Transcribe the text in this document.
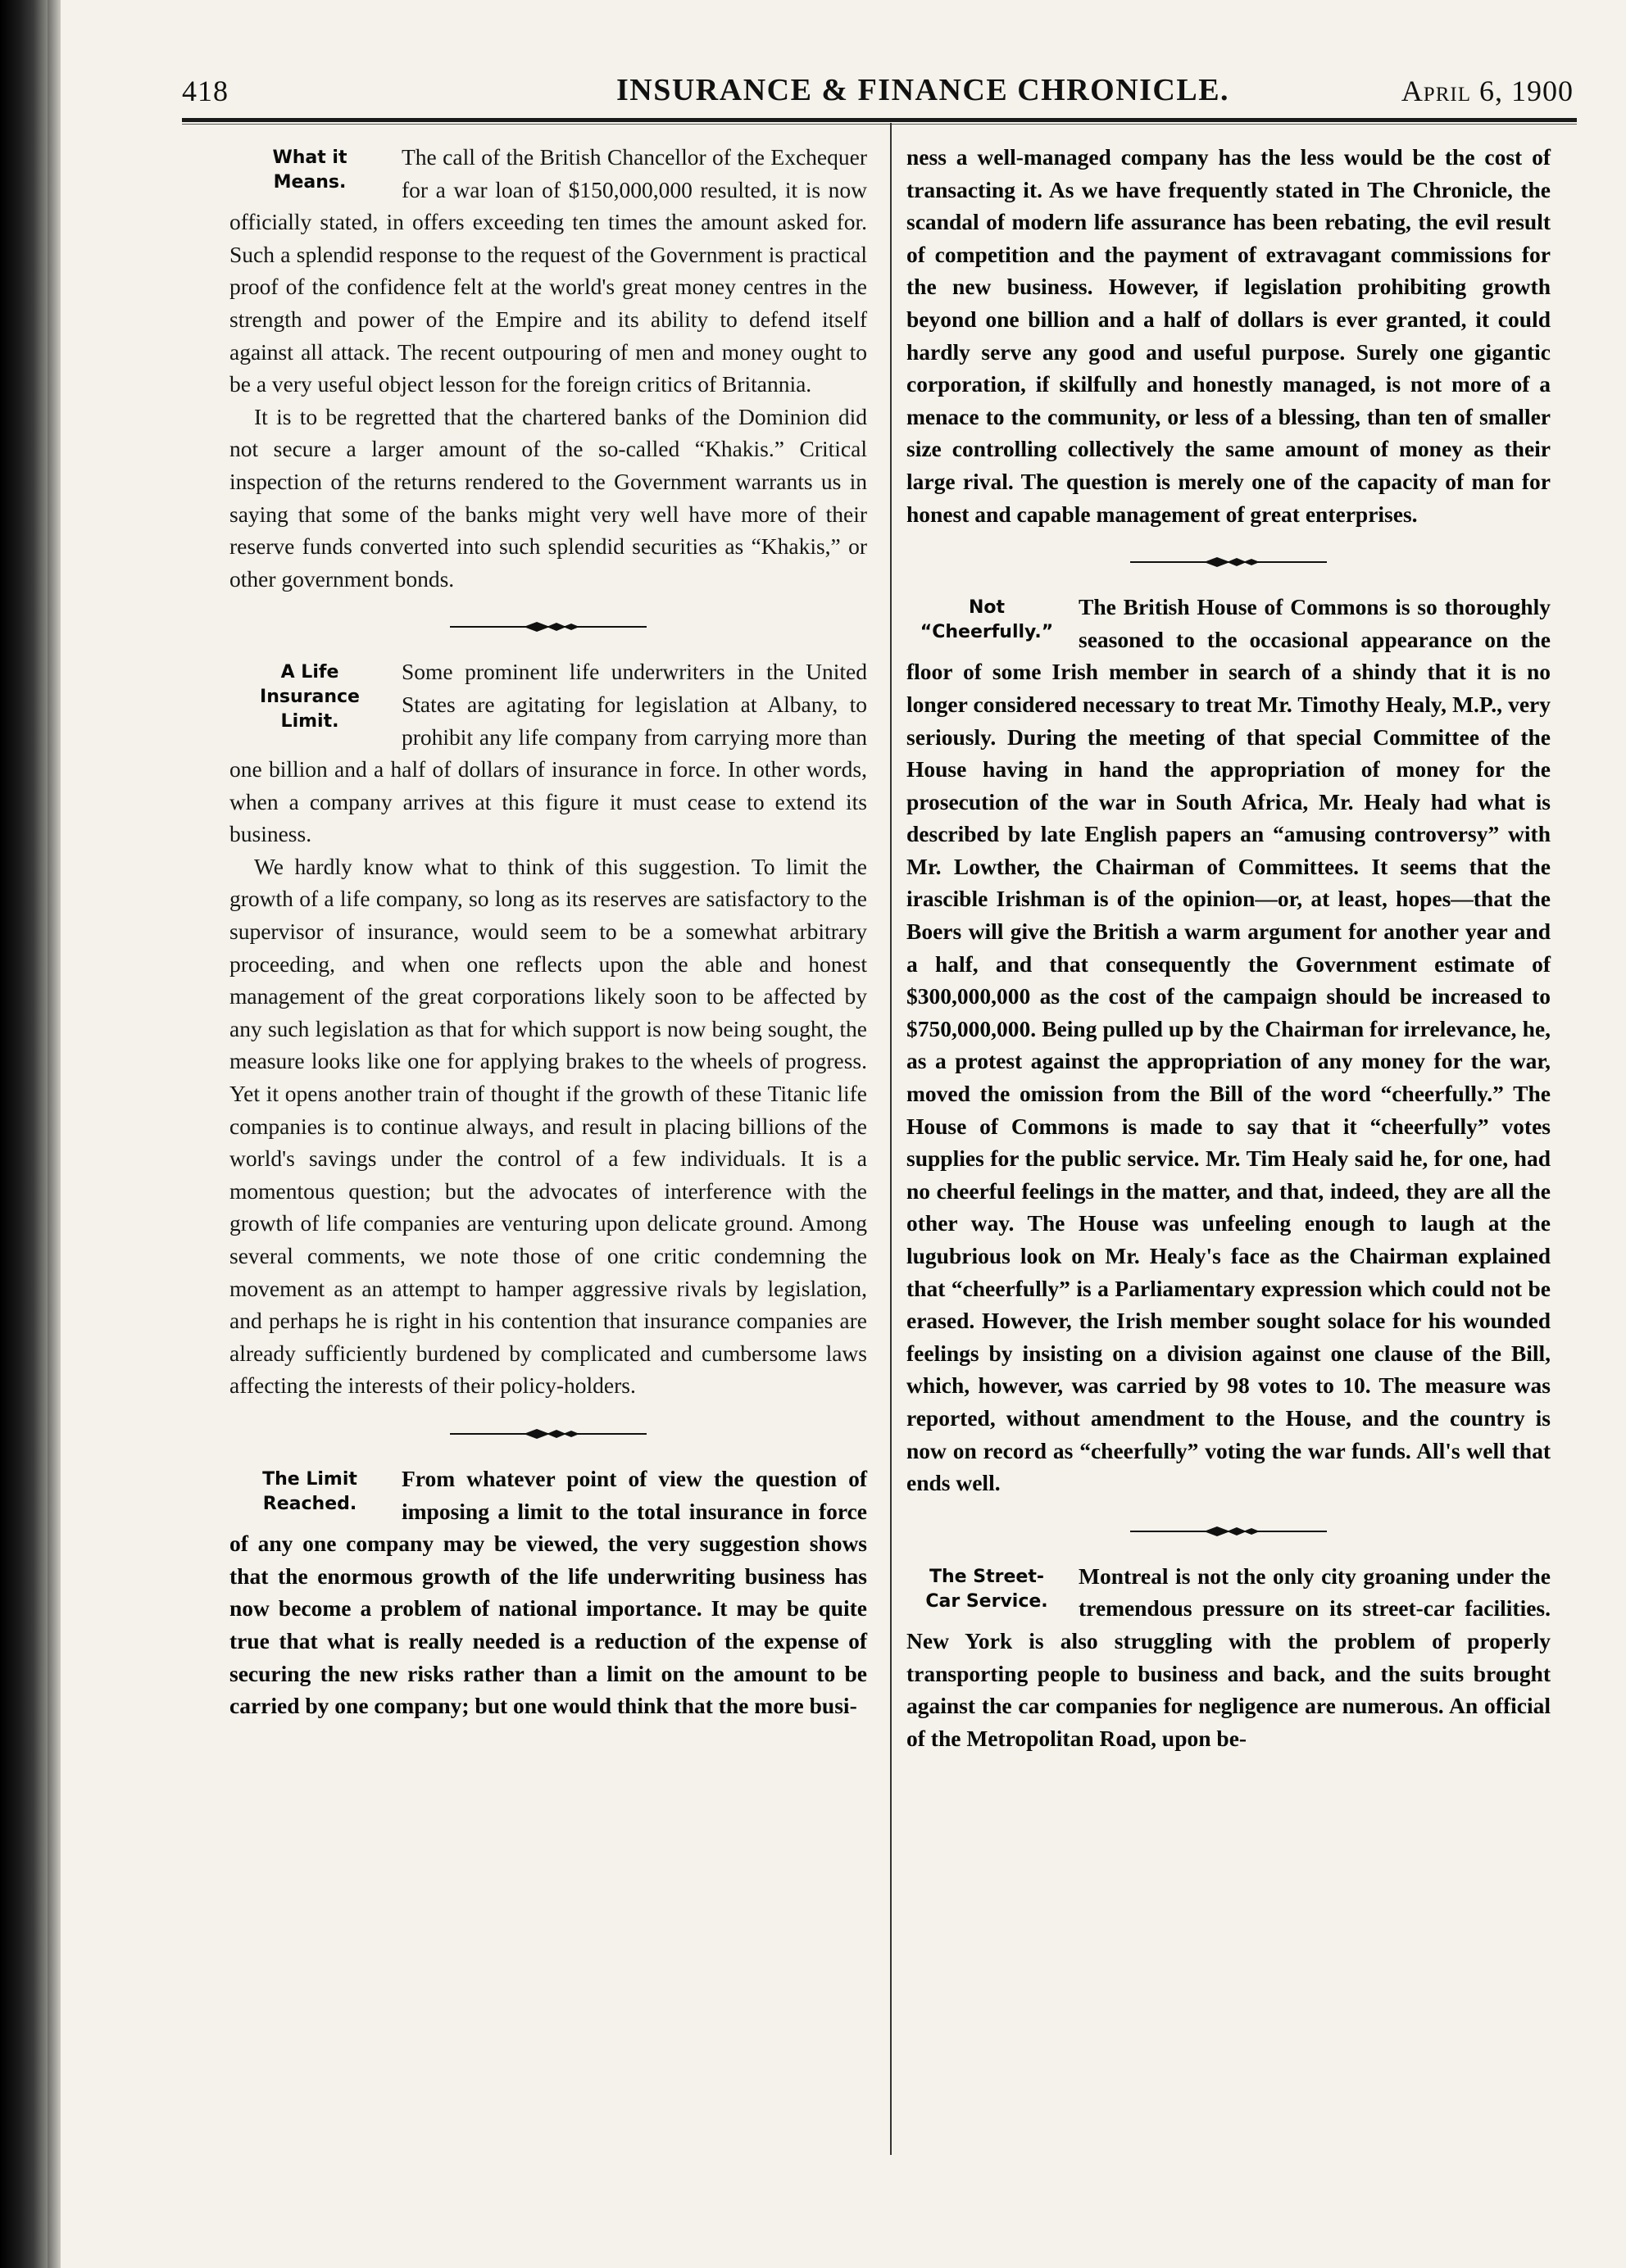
418	INSURANCE & FINANCE CHRONICLE.	April 6, 1900
What it
Means.

The call of the British Chancellor of the Exchequer for a war loan of $150,000,000 resulted, it is now officially stated, in offers exceeding ten times the amount asked for. Such a splendid response to the request of the Government is practical proof of the confidence felt at the world's great money centres in the strength and power of the Empire and its ability to defend itself against all attack. The recent outpouring of men and money ought to be a very useful object lesson for the foreign critics of Britannia.

It is to be regretted that the chartered banks of the Dominion did not secure a larger amount of the so-called “Khakis.” Critical inspection of the returns rendered to the Government warrants us in saying that some of the banks might very well have more of their reserve funds converted into such splendid securities as “Khakis,” or other government bonds.

A Life Insurance
Limit.

Some prominent life underwriters in the United States are agitating for legislation at Albany, to prohibit any life company from carrying more than one billion and a half of dollars of insurance in force. In other words, when a company arrives at this figure it must cease to extend its business.

We hardly know what to think of this suggestion. To limit the growth of a life company, so long as its reserves are satisfactory to the supervisor of insurance, would seem to be a somewhat arbitrary proceeding, and when one reflects upon the able and honest management of the great corporations likely soon to be affected by any such legislation as that for which support is now being sought, the measure looks like one for applying brakes to the wheels of progress. Yet it opens another train of thought if the growth of these Titanic life companies is to continue always, and result in placing billions of the world's savings under the control of a few individuals. It is a momentous question; but the advocates of interference with the growth of life companies are venturing upon delicate ground. Among several comments, we note those of one critic condemning the movement as an attempt to hamper aggressive rivals by legislation, and perhaps he is right in his contention that insurance companies are already sufficiently burdened by complicated and cumbersome laws affecting the interests of their policy-holders.

The Limit
Reached.

From whatever point of view the question of imposing a limit to the total insurance in force of any one company may be viewed, the very suggestion shows that the enormous growth of the life underwriting business has now become a problem of national importance. It may be quite true that what is really needed is a reduction of the expense of securing the new risks rather than a limit on the amount to be carried by one company; but one would think that the more busi-

ness a well-managed company has the less would be the cost of transacting it. As we have frequently stated in The Chronicle, the scandal of modern life assurance has been rebating, the evil result of competition and the payment of extravagant commissions for the new business. However, if legislation prohibiting growth beyond one billion and a half of dollars is ever granted, it could hardly serve any good and useful purpose. Surely one gigantic corporation, if skilfully and honestly managed, is not more of a menace to the community, or less of a blessing, than ten of smaller size controlling collectively the same amount of money as their large rival. The question is merely one of the capacity of man for honest and capable management of great enterprises.

Not
“Cheerfully.”

The British House of Commons is so thoroughly seasoned to the occasional appearance on the floor of some Irish member in search of a shindy that it is no longer considered necessary to treat Mr. Timothy Healy, M.P., very seriously. During the meeting of that special Committee of the House having in hand the appropriation of money for the prosecution of the war in South Africa, Mr. Healy had what is described by late English papers an “amusing controversy” with Mr. Lowther, the Chairman of Committees. It seems that the irascible Irishman is of the opinion—or, at least, hopes—that the Boers will give the British a warm argument for another year and a half, and that consequently the Government estimate of $300,000,000 as the cost of the campaign should be increased to $750,000,000. Being pulled up by the Chairman for irrelevance, he, as a protest against the appropriation of any money for the war, moved the omission from the Bill of the word “cheerfully.” The House of Commons is made to say that it “cheerfully” votes supplies for the public service. Mr. Tim Healy said he, for one, had no cheerful feelings in the matter, and that, indeed, they are all the other way. The House was unfeeling enough to laugh at the lugubrious look on Mr. Healy's face as the Chairman explained that “cheerfully” is a Parliamentary expression which could not be erased. However, the Irish member sought solace for his wounded feelings by insisting on a division against one clause of the Bill, which, however, was carried by 98 votes to 10. The measure was reported, without amendment to the House, and the country is now on record as “cheerfully” voting the war funds. All's well that ends well.

The Street-
Car Service.

Montreal is not the only city groaning under the tremendous pressure on its street-car facilities. New York is also struggling with the problem of properly transporting people to business and back, and the suits brought against the car companies for negligence are numerous. An official of the Metropolitan Road, upon be-
